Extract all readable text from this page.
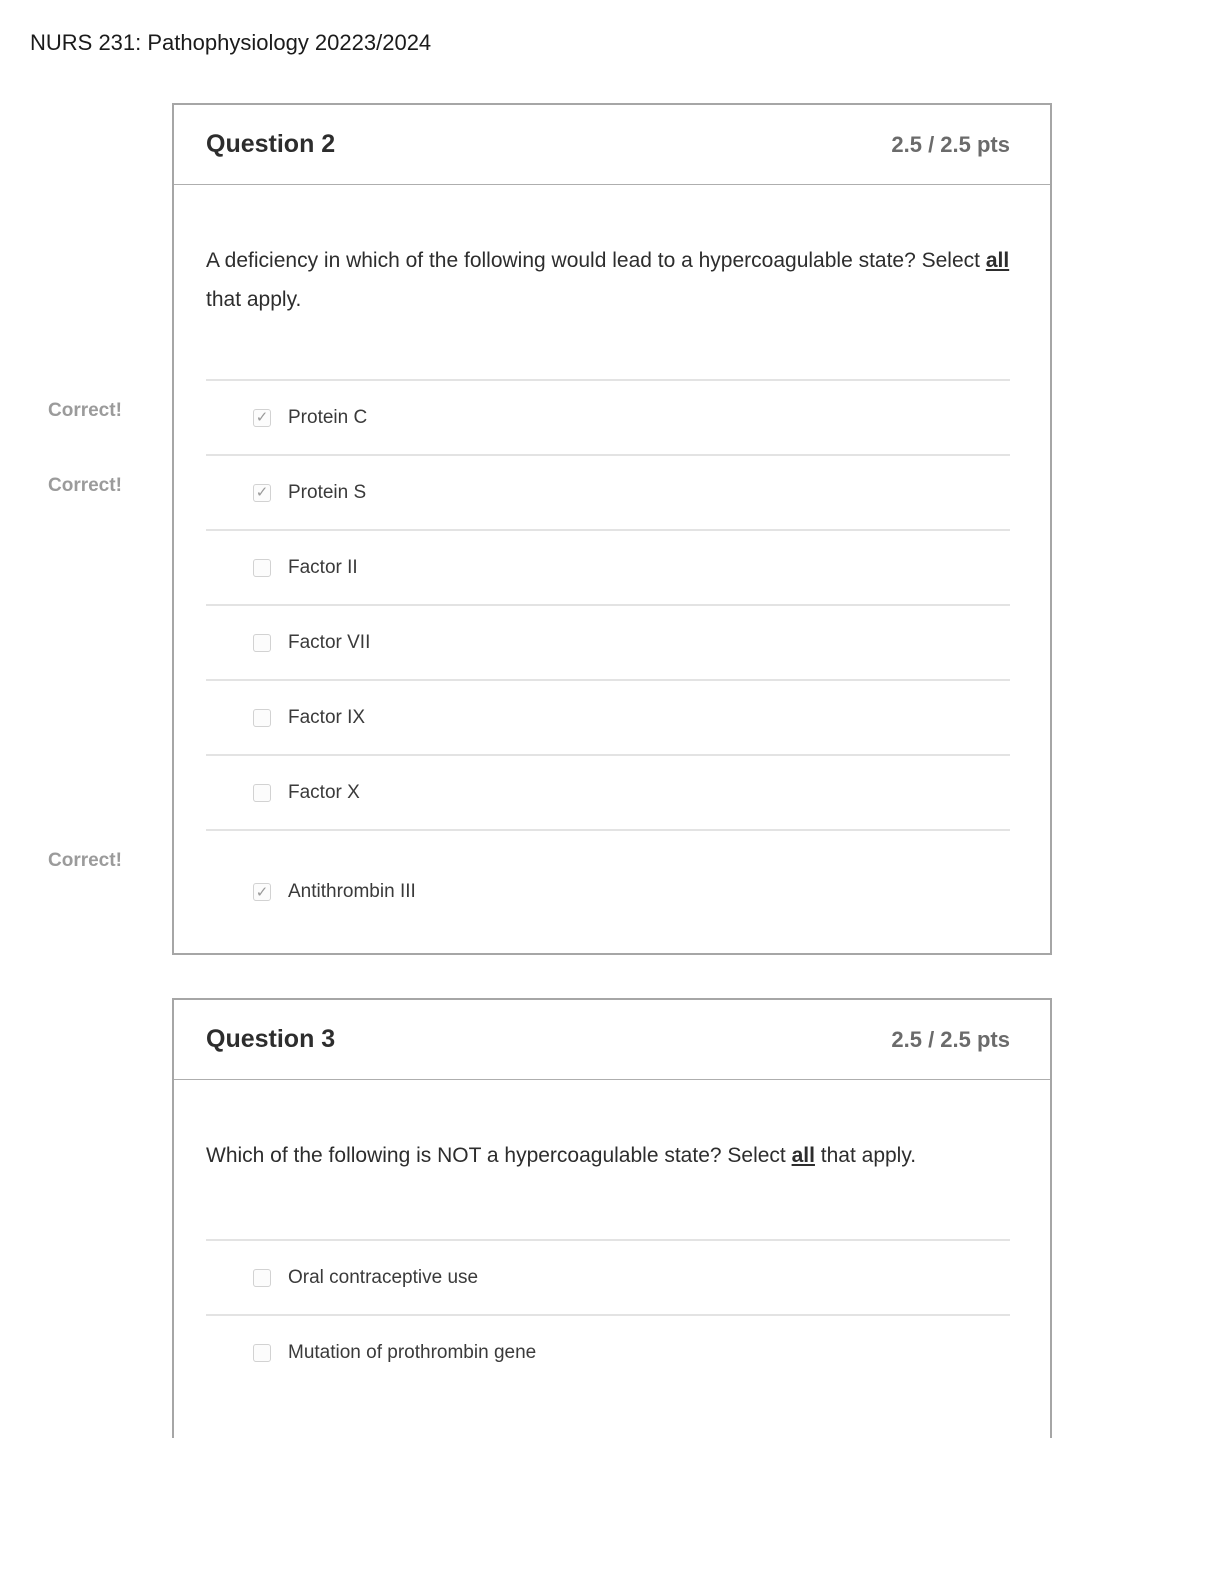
NURS 231: Pathophysiology 20223/2024
Question 2	2.5 / 2.5 pts
A deficiency in which of the following would lead to a hypercoagulable state? Select all that apply.
Correct!	✓ Protein C
Correct!	✓ Protein S
Factor II
Factor VII
Factor IX
Factor X
Correct!
✓ Antithrombin III
Question 3	2.5 / 2.5 pts
Which of the following is NOT a hypercoagulable state? Select all that apply.
Oral contraceptive use
Mutation of prothrombin gene
